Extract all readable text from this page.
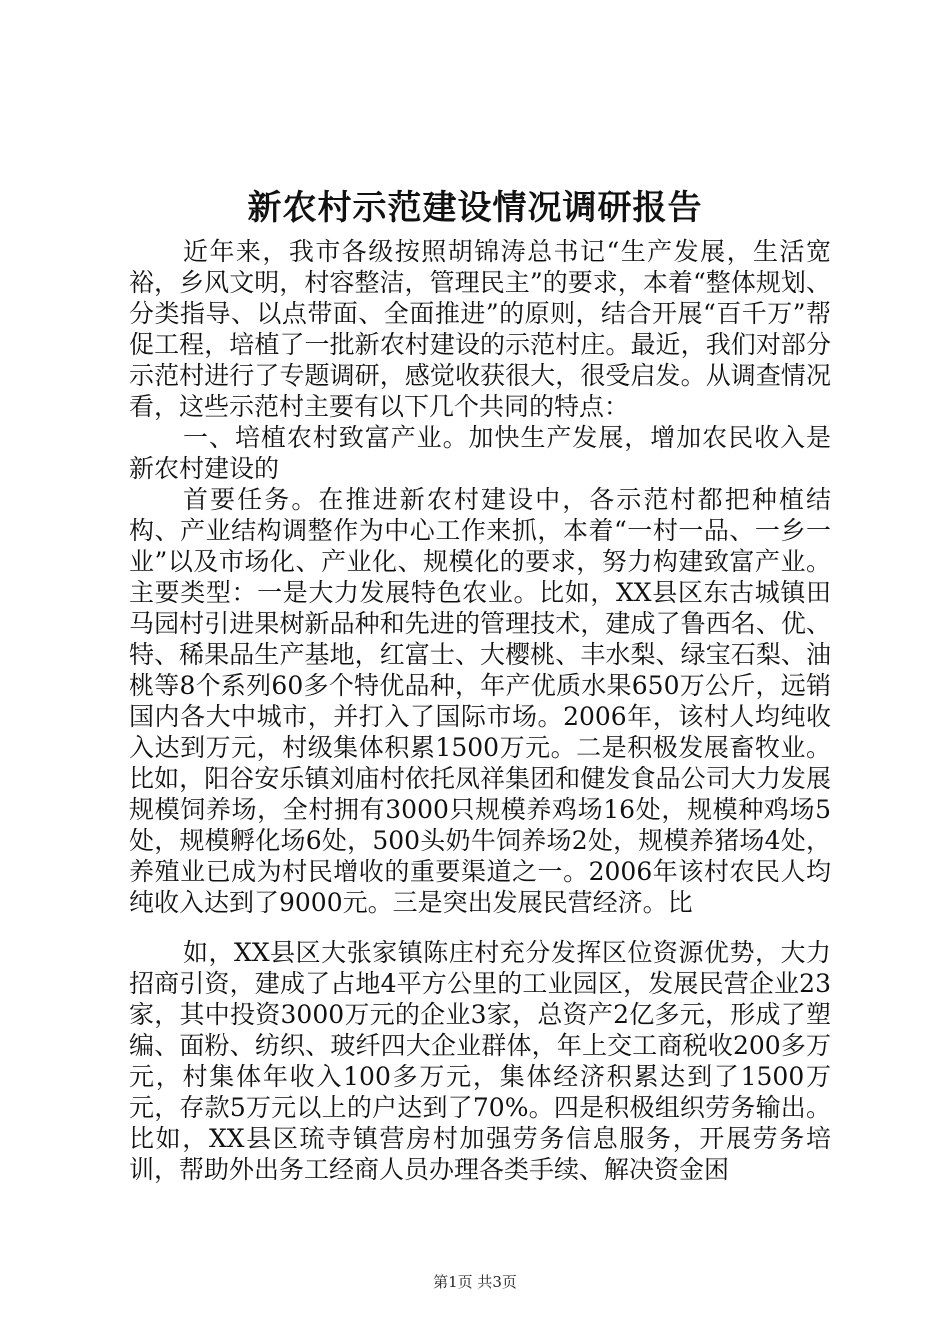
新农村示范建设情况调研报告

近年来，我市各级按照胡锦涛总书记“生产发展，生活宽裕，乡风文明，村容整洁，管理民主”的要求，本着“整体规划、分类指导、以点带面、全面推进”的原则，结合开展“百千万”帮促工程，培植了一批新农村建设的示范村庄。最近，我们对部分示范村进行了专题调研，感觉收获很大，很受启发。从调查情况看，这些示范村主要有以下几个共同的特点：

一、培植农村致富产业。加快生产发展，增加农民收入是新农村建设的

首要任务。在推进新农村建设中，各示范村都把种植结构、产业结构调整作为中心工作来抓，本着“一村一品、一乡一业”以及市场化、产业化、规模化的要求，努力构建致富产业。主要类型：一是大力发展特色农业。比如，XX县区东古城镇田马园村引进果树新品种和先进的管理技术，建成了鲁西名、优、特、稀果品生产基地，红富士、大樱桃、丰水梨、绿宝石梨、油桃等8个系列60多个特优品种，年产优质水果650万公斤，远销国内各大中城市，并打入了国际市场。2006年，该村人均纯收入达到万元，村级集体积累1500万元。二是积极发展畜牧业。比如，阳谷安乐镇刘庙村依托凤祥集团和健发食品公司大力发展规模饲养场，全村拥有3000只规模养鸡场16处，规模种鸡场5处，规模孵化场6处，500头奶牛饲养场2处，规模养猪场4处，养殖业已成为村民增收的重要渠道之一。2006年该村农民人均纯收入达到了9000元。三是突出发展民营经济。比

如，XX县区大张家镇陈庄村充分发挥区位资源优势，大力招商引资，建成了占地4平方公里的工业园区，发展民营企业23家，其中投资3000万元的企业3家，总资产2亿多元，形成了塑编、面粉、纺织、玻纤四大企业群体，年上交工商税收200多万元，村集体年收入100多万元，集体经济积累达到了1500万元，存款5万元以上的户达到了70%。四是积极组织劳务输出。比如，XX县区琉寺镇营房村加强劳务信息服务，开展劳务培训，帮助外出务工经商人员办理各类手续、解决资金困

第1页 共3页
